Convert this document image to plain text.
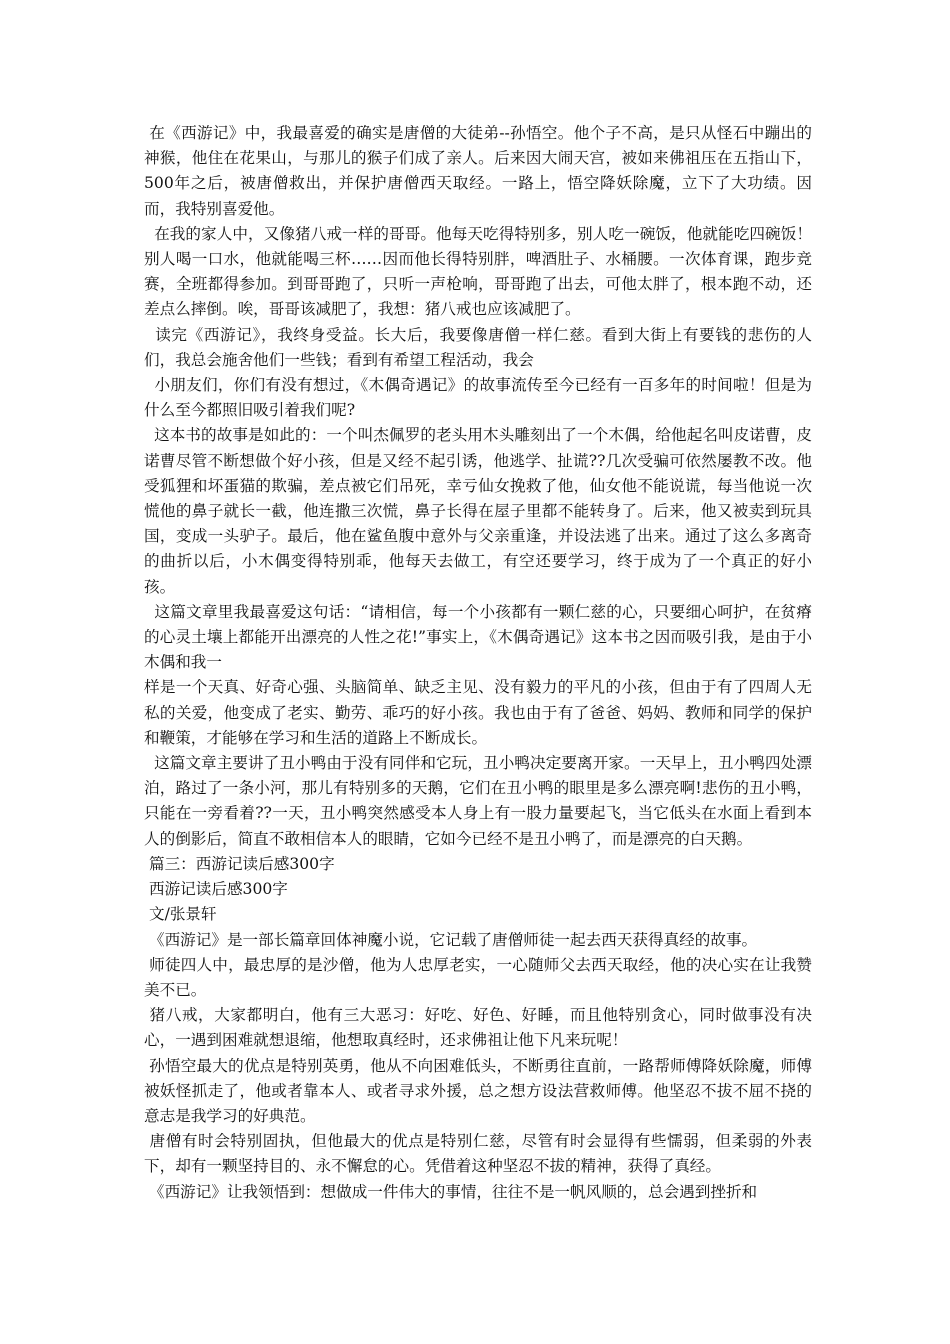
在《西游记》中，我最喜爱的确实是唐僧的大徒弟--孙悟空。他个子不高，是只从怪石中蹦出的神猴，他住在花果山，与那儿的猴子们成了亲人。后来因大闹天宫，被如来佛祖压在五指山下，500年之后，被唐僧救出，并保护唐僧西天取经。一路上，悟空降妖除魔，立下了大功绩。因而，我特别喜爱他。

在我的家人中，又像猪八戒一样的哥哥。他每天吃得特别多，别人吃一碗饭，他就能吃四碗饭！别人喝一口水，他就能喝三杯……因而他长得特别胖，啤酒肚子、水桶腰。一次体育课，跑步竞赛，全班都得参加。到哥哥跑了，只听一声枪响，哥哥跑了出去，可他太胖了，根本跑不动，还差点么摔倒。唉，哥哥该减肥了，我想：猪八戒也应该减肥了。

读完《西游记》，我终身受益。长大后，我要像唐僧一样仁慈。看到大街上有要钱的悲伤的人们，我总会施舍他们一些钱；看到有希望工程活动，我会

小朋友们，你们有没有想过，《木偶奇遇记》的故事流传至今已经有一百多年的时间啦！但是为什么至今都照旧吸引着我们呢?

这本书的故事是如此的：一个叫杰佩罗的老头用木头雕刻出了一个木偶，给他起名叫皮诺曹，皮诺曹尽管不断想做个好小孩，但是又经不起引诱，他逃学、扯谎??几次受骗可依然屡教不改。他受狐狸和坏蛋猫的欺骗，差点被它们吊死，幸亏仙女挽救了他，仙女他不能说谎，每当他说一次慌他的鼻子就长一截，他连撒三次慌，鼻子长得在屋子里都不能转身了。后来，他又被卖到玩具国，变成一头驴子。最后，他在鲨鱼腹中意外与父亲重逢，并设法逃了出来。通过了这么多离奇的曲折以后，小木偶变得特别乖，他每天去做工，有空还要学习，终于成为了一个真正的好小孩。

这篇文章里我最喜爱这句话：“请相信，每一个小孩都有一颗仁慈的心，只要细心呵护，在贫瘠的心灵土壤上都能开出漂亮的人性之花!”事实上，《木偶奇遇记》这本书之因而吸引我，是由于小木偶和我一

样是一个天真、好奇心强、头脑简单、缺乏主见、没有毅力的平凡的小孩，但由于有了四周人无私的关爱，他变成了老实、勤劳、乖巧的好小孩。我也由于有了爸爸、妈妈、教师和同学的保护和鞭策，才能够在学习和生活的道路上不断成长。

这篇文章主要讲了丑小鸭由于没有同伴和它玩，丑小鸭决定要离开家。一天早上，丑小鸭四处漂泊，路过了一条小河，那儿有特别多的天鹅，它们在丑小鸭的眼里是多么漂亮啊!悲伤的丑小鸭，只能在一旁看着??一天，丑小鸭突然感受本人身上有一股力量要起飞，当它低头在水面上看到本人的倒影后，简直不敢相信本人的眼睛，它如今已经不是丑小鸭了，而是漂亮的白天鹅。

篇三：西游记读后感300字

西游记读后感300字

文/张景轩

《西游记》是一部长篇章回体神魔小说，它记载了唐僧师徒一起去西天获得真经的故事。

师徒四人中，最忠厚的是沙僧，他为人忠厚老实，一心随师父去西天取经，他的决心实在让我赞美不已。

猪八戒，大家都明白，他有三大恶习：好吃、好色、好睡，而且他特别贪心，同时做事没有决心，一遇到困难就想退缩，他想取真经时，还求佛祖让他下凡来玩呢！

孙悟空最大的优点是特别英勇，他从不向困难低头，不断勇往直前，一路帮师傅降妖除魔，师傅被妖怪抓走了，他或者靠本人、或者寻求外援，总之想方设法营救师傅。他坚忍不拔不屈不挠的意志是我学习的好典范。

唐僧有时会特别固执，但他最大的优点是特别仁慈，尽管有时会显得有些懦弱，但柔弱的外表下，却有一颗坚持目的、永不懈怠的心。凭借着这种坚忍不拔的精神，获得了真经。

《西游记》让我领悟到：想做成一件伟大的事情，往往不是一帆风顺的，总会遇到挫折和
